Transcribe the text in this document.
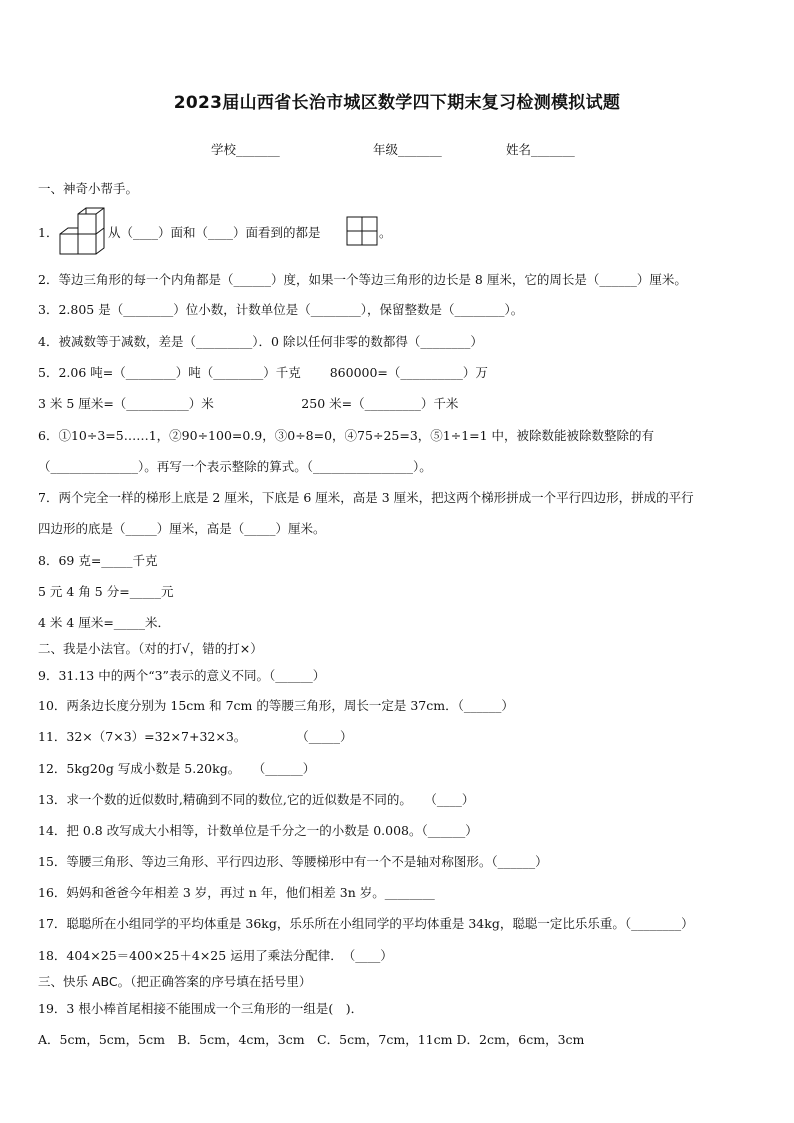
2023届山西省长治市城区数学四下期末复习检测模拟试题
学校_______	年级_______	姓名_______
一、神奇小帮手。
1．	从（____）面和（____）面看到的都是	。
2．等边三角形的每一个内角都是（______）度，如果一个等边三角形的边长是 8 厘米，它的周长是（______）厘米。
3．2.805 是（________）位小数，计数单位是（________），保留整数是（________）。
4．被减数等于减数，差是（_________）．0 除以任何非零的数都得（________）
5．2.06 吨=（________）吨（________）千克　　 860000=（__________）万
3 米 5 厘米=（__________）米　　　　　　　250 米=（_________）千米
6．①10÷3=5……1，②90÷100=0.9，③0÷8=0，④75÷25=3，⑤1÷1=1 中，被除数能被除数整除的有
（______________）。再写一个表示整除的算式。（________________）。
7．两个完全一样的梯形上底是 2 厘米，下底是 6 厘米，高是 3 厘米，把这两个梯形拼成一个平行四边形，拼成的平行
四边形的底是（_____）厘米，高是（_____）厘米。
8．69 克=_____千克
5 元 4 角 5 分=_____元
4 米 4 厘米=_____米．
二、我是小法官。（对的打√，错的打×）
9．31.13 中的两个“3”表示的意义不同。（______）
10．两条边长度分别为 15cm 和 7cm 的等腰三角形，周长一定是 37cm．（______）
11．32×（7×3）=32×7+32×3。　　　　　（_____）
12．5kg20g 写成小数是 5.20kg。　　（______）
13．求一个数的近似数时,精确到不同的数位,它的近似数是不同的。　　（____）
14．把 0.8 改写成大小相等，计数单位是千分之一的小数是 0.008。（______）
15．等腰三角形、等边三角形、平行四边形、等腰梯形中有一个不是轴对称图形。（______）
16．妈妈和爸爸今年相差 3 岁，再过 n 年，他们相差 3n 岁。________
17．聪聪所在小组同学的平均体重是 36kg，乐乐所在小组同学的平均体重是 34kg，聪聪一定比乐乐重。（________）
18．404×25＝400×25＋4×25 运用了乘法分配律．　（____）
三、快乐 ABC。（把正确答案的序号填在括号里）
19．3 根小棒首尾相接不能围成一个三角形的一组是(　)．
A．5cm，5cm，5cm　B．5cm，4cm，3cm　C．5cm，7cm，11cm D．2cm，6cm，3cm
